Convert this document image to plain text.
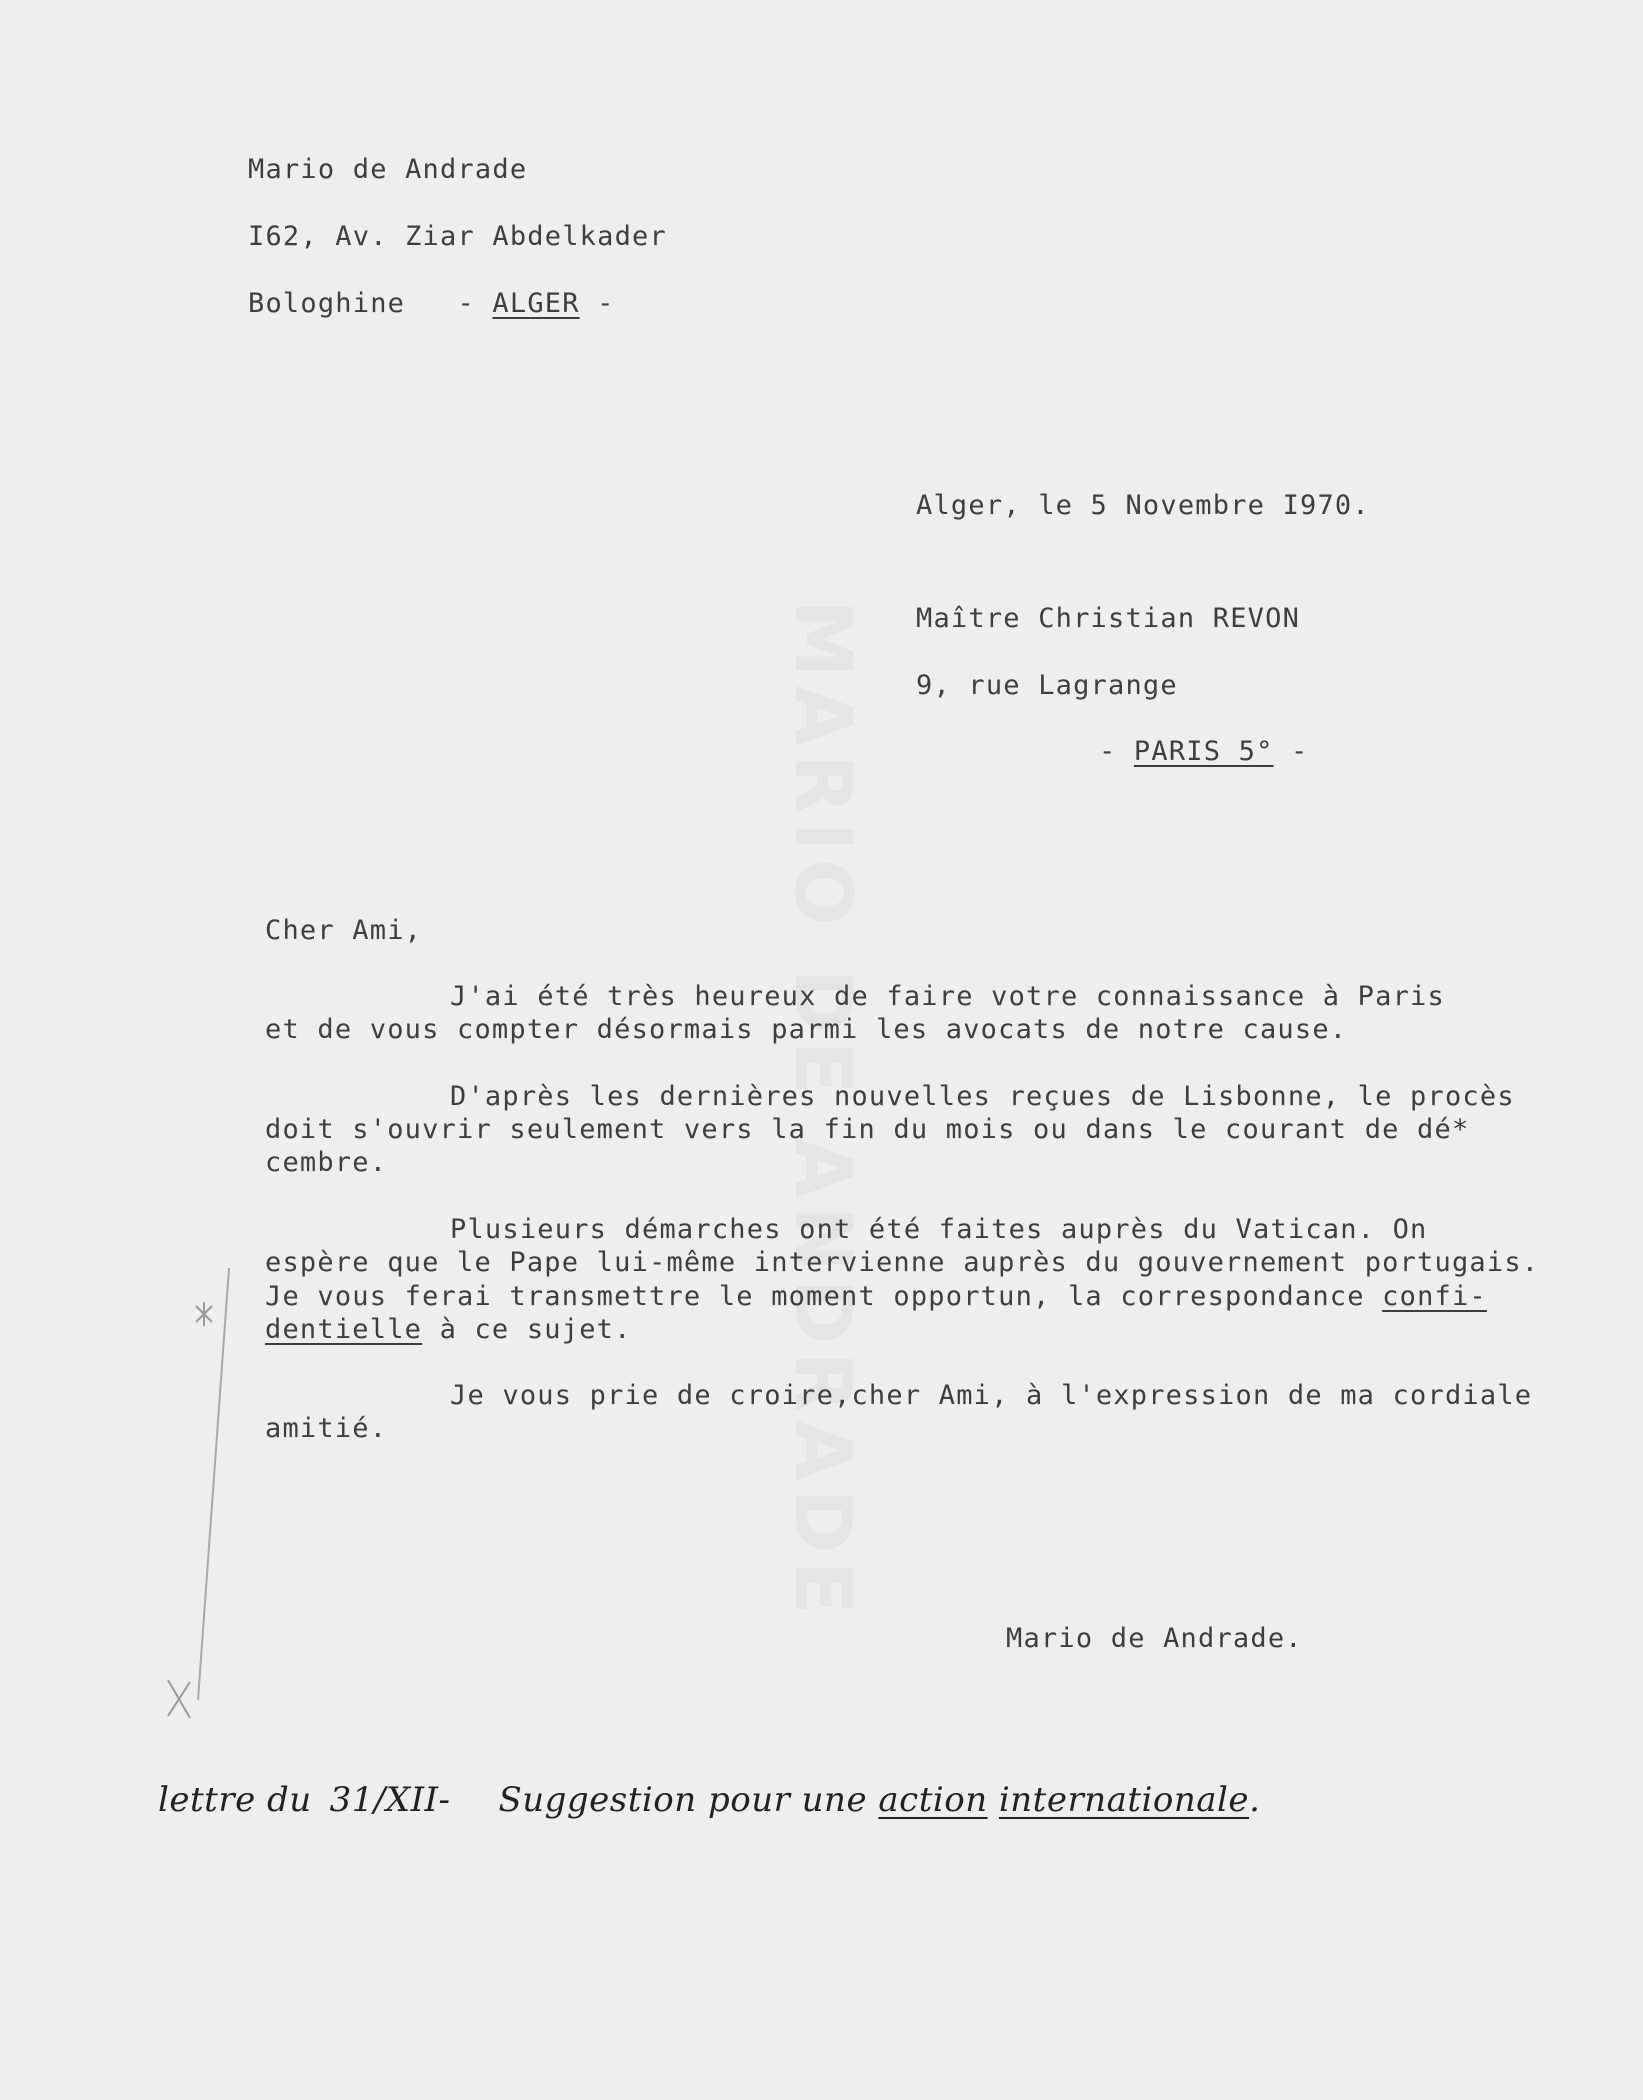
MARIO DE ANDRADE
Mario de Andrade
I62, Av. Ziar Abdelkader
Bologhine - ALGER -
Alger, le 5 Novembre I970.
Maître Christian REVON
9, rue Lagrange
- PARIS 5° -
Cher Ami,
J'ai été très heureux de faire votre connaissance à Paris
et de vous compter désormais parmi les avocats de notre cause.
D'après les dernières nouvelles reçues de Lisbonne, le procès
doit s'ouvrir seulement vers la fin du mois ou dans le courant de dé*
cembre.
Plusieurs démarches ont été faites auprès du Vatican. On
espère que le Pape lui-même intervienne auprès du gouvernement portugais.
Je vous ferai transmettre le moment opportun, la correspondance confi-
dentielle à ce sujet.
Je vous prie de croire,cher Ami, à l'expression de ma cordiale
amitié.
Mario de Andrade.
lettre du 31/XII- Suggestion pour une action internationale.
